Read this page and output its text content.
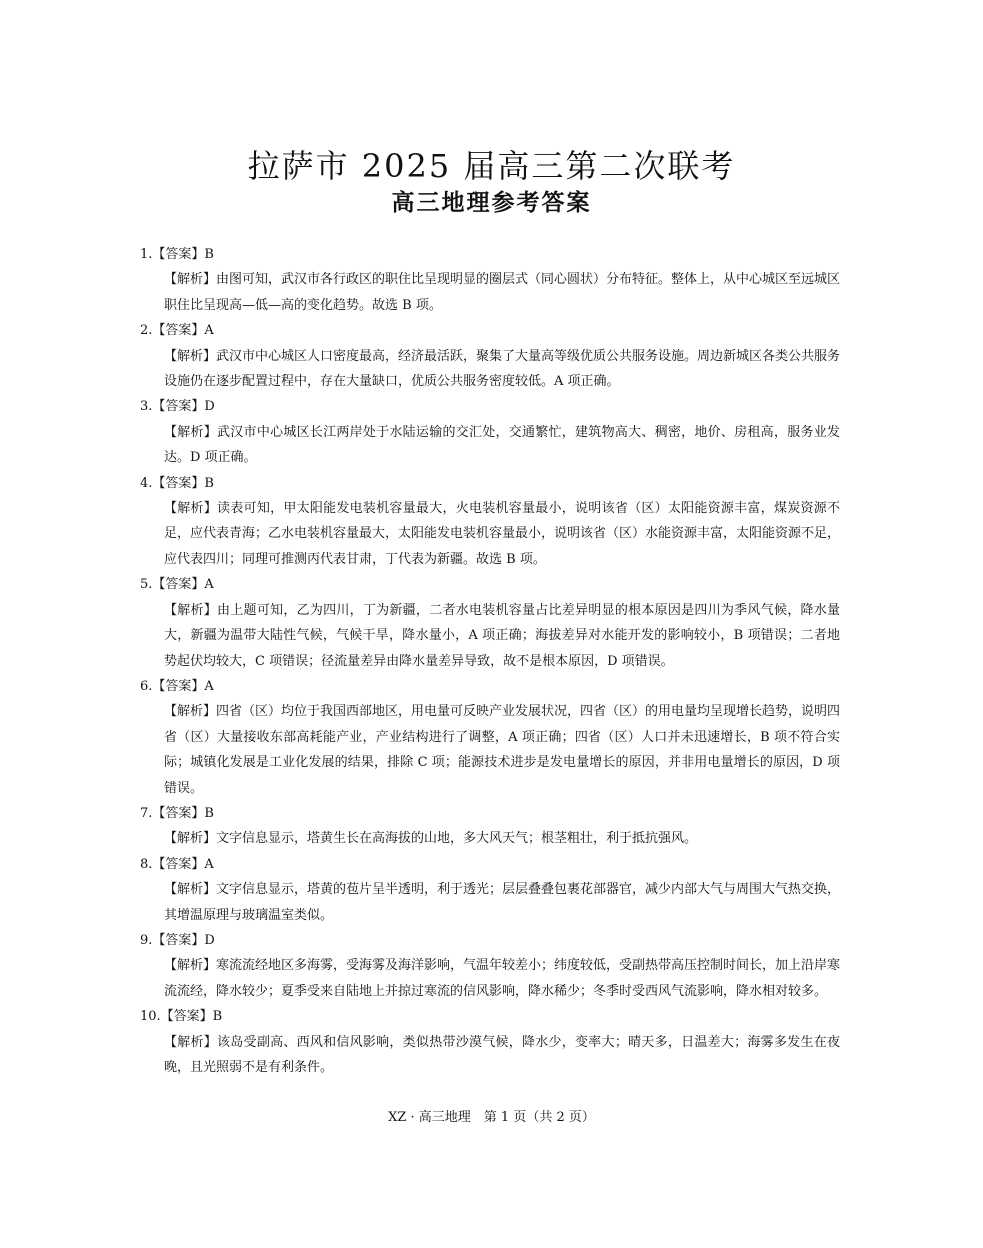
拉萨市 2025 届高三第二次联考
高三地理参考答案
1.【答案】B
【解析】由图可知，武汉市各行政区的职住比呈现明显的圈层式（同心圆状）分布特征。整体上，从中心城区至远城区职住比呈现高—低—高的变化趋势。故选 B 项。
2.【答案】A
【解析】武汉市中心城区人口密度最高，经济最活跃，聚集了大量高等级优质公共服务设施。周边新城区各类公共服务设施仍在逐步配置过程中，存在大量缺口，优质公共服务密度较低。A 项正确。
3.【答案】D
【解析】武汉市中心城区长江两岸处于水陆运输的交汇处，交通繁忙，建筑物高大、稠密，地价、房租高，服务业发达。D 项正确。
4.【答案】B
【解析】读表可知，甲太阳能发电装机容量最大，火电装机容量最小，说明该省（区）太阳能资源丰富，煤炭资源不足，应代表青海；乙水电装机容量最大，太阳能发电装机容量最小，说明该省（区）水能资源丰富，太阳能资源不足，应代表四川；同理可推测丙代表甘肃，丁代表为新疆。故选 B 项。
5.【答案】A
【解析】由上题可知，乙为四川，丁为新疆，二者水电装机容量占比差异明显的根本原因是四川为季风气候，降水量大，新疆为温带大陆性气候，气候干旱，降水量小，A 项正确；海拔差异对水能开发的影响较小，B 项错误；二者地势起伏均较大，C 项错误；径流量差异由降水量差异导致，故不是根本原因，D 项错误。
6.【答案】A
【解析】四省（区）均位于我国西部地区，用电量可反映产业发展状况，四省（区）的用电量均呈现增长趋势，说明四省（区）大量接收东部高耗能产业，产业结构进行了调整，A 项正确；四省（区）人口并未迅速增长，B 项不符合实际；城镇化发展是工业化发展的结果，排除 C 项；能源技术进步是发电量增长的原因，并非用电量增长的原因，D 项错误。
7.【答案】B
【解析】文字信息显示，塔黄生长在高海拔的山地，多大风天气；根茎粗壮，利于抵抗强风。
8.【答案】A
【解析】文字信息显示，塔黄的苞片呈半透明，利于透光；层层叠叠包裹花部器官，减少内部大气与周围大气热交换，其增温原理与玻璃温室类似。
9.【答案】D
【解析】寒流流经地区多海雾，受海雾及海洋影响，气温年较差小；纬度较低，受副热带高压控制时间长，加上沿岸寒流流经，降水较少；夏季受来自陆地上并掠过寒流的信风影响，降水稀少；冬季时受西风气流影响，降水相对较多。
10.【答案】B
【解析】该岛受副高、西风和信风影响，类似热带沙漠气候，降水少，变率大；晴天多，日温差大；海雾多发生在夜晚，且光照弱不是有利条件。
XZ · 高三地理　第 1 页（共 2 页）
